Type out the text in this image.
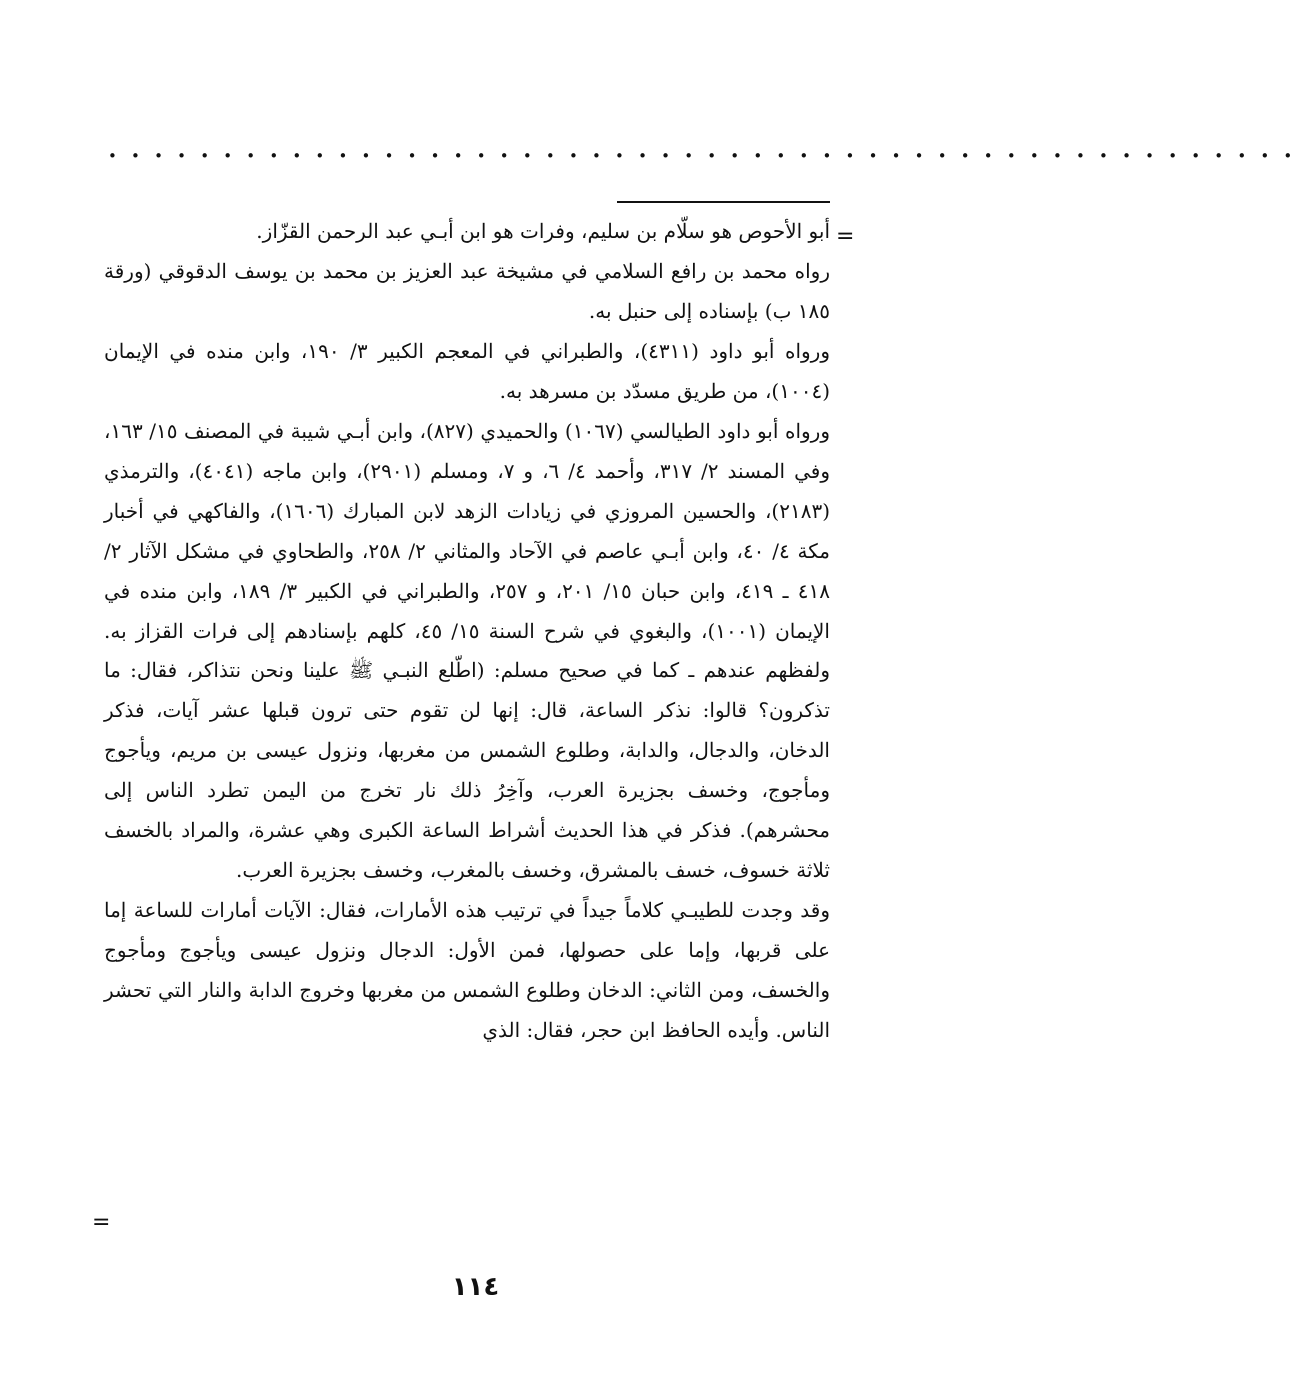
••••••••••••••••••••••••••••••••••••••••••••••••••••
=

أبو الأحوص هو سلّام بن سليم، وفرات هو ابن أبـي عبد الرحمن القزّاز.

رواه محمد بن رافع السلامي في مشيخة عبد العزيز بن محمد بن يوسف الدقوقي (ورقة ١٨٥ ب) بإسناده إلى حنبل به.

ورواه أبو داود (٤٣١١)، والطبراني في المعجم الكبير ٣/ ١٩٠، وابن منده في الإيمان (١٠٠٤)، من طريق مسدّد بن مسرهد به.

ورواه أبو داود الطيالسي (١٠٦٧) والحميدي (٨٢٧)، وابن أبـي شيبة في المصنف ١٥/ ١٦٣، وفي المسند ٢/ ٣١٧، وأحمد ٤/ ٦، و ٧، ومسلم (٢٩٠١)، وابن ماجه (٤٠٤١)، والترمذي (٢١٨٣)، والحسين المروزي في زيادات الزهد لابن المبارك (١٦٠٦)، والفاكهي في أخبار مكة ٤/ ٤٠، وابن أبـي عاصم في الآحاد والمثاني ٢/ ٢٥٨، والطحاوي في مشكل الآثار ٢/ ٤١٨ ـ ٤١٩، وابن حبان ١٥/ ٢٠١، و ٢٥٧، والطبراني في الكبير ٣/ ١٨٩، وابن منده في الإيمان (١٠٠١)، والبغوي في شرح السنة ١٥/ ٤٥، كلهم بإسنادهم إلى فرات القزاز به. ولفظهم عندهم ـ كما في صحيح مسلم: (اطّلع النبـي ﷺ علينا ونحن نتذاكر، فقال: ما تذكرون؟ قالوا: نذكر الساعة، قال: إنها لن تقوم حتى ترون قبلها عشر آيات، فذكر الدخان، والدجال، والدابة، وطلوع الشمس من مغربها، ونزول عيسى بن مريم، ويأجوج ومأجوج، وخسف بجزيرة العرب، وآخِرُ ذلك نار تخرج من اليمن تطرد الناس إلى محشرهم). فذكر في هذا الحديث أشراط الساعة الكبرى وهي عشرة، والمراد بالخسف ثلاثة خسوف، خسف بالمشرق، وخسف بالمغرب، وخسف بجزيرة العرب.

وقد وجدت للطيبـي كلاماً جيداً في ترتيب هذه الأمارات، فقال: الآيات أمارات للساعة إما على قربها، وإما على حصولها، فمن الأول: الدجال ونزول عيسى ويأجوج ومأجوج والخسف، ومن الثاني: الدخان وطلوع الشمس من مغربها وخروج الدابة والنار التي تحشر الناس. وأيده الحافظ ابن حجر، فقال: الذي

=
١١٤
